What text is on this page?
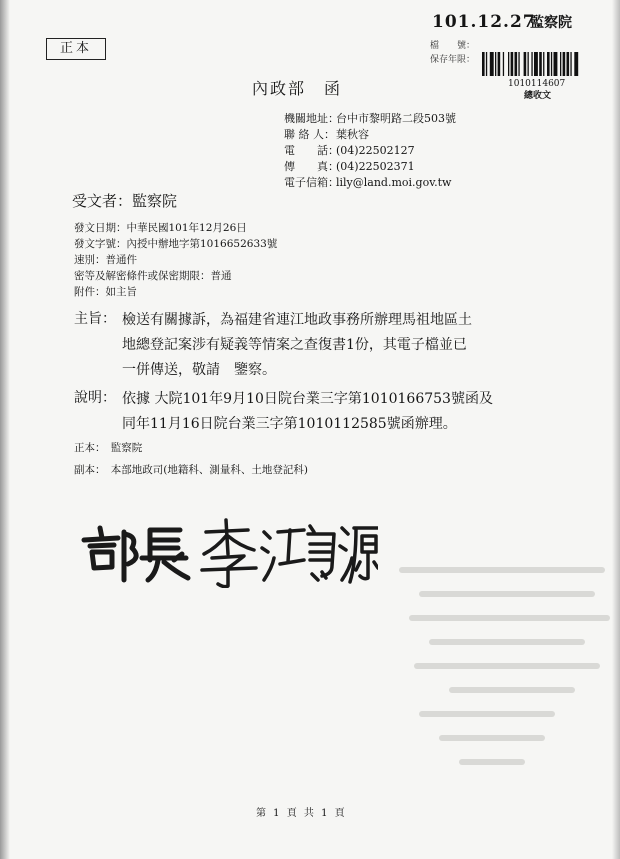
正本
101.12.27.
監察院
檔　　號：
保存年限：
1010114607
總收文
內政部　函
機關地址：台中市黎明路二段503號
聯 絡 人：葉秋容
電　　話：(04)22502127
傳　　真：(04)22502371
電子信箱：lily@land.moi.gov.tw
受文者：監察院
發文日期：中華民國101年12月26日
發文字號：內授中辦地字第1016652633號
速別：普通件
密等及解密條件或保密期限：普通
附件：如主旨
主旨： 檢送有關據訴，為福建省連江地政事務所辦理馬祖地區土
地總登記案涉有疑義等情案之查復書1份，其電子檔並已
一併傳送，敬請　鑒察。
說明： 依據 大院101年9月10日院台業三字第1010166753號函及
同年11月16日院台業三字第1010112585號函辦理。
正本：　監察院
副本：　本部地政司(地籍科、測量科、土地登記科)
第 1 頁 共 1 頁
